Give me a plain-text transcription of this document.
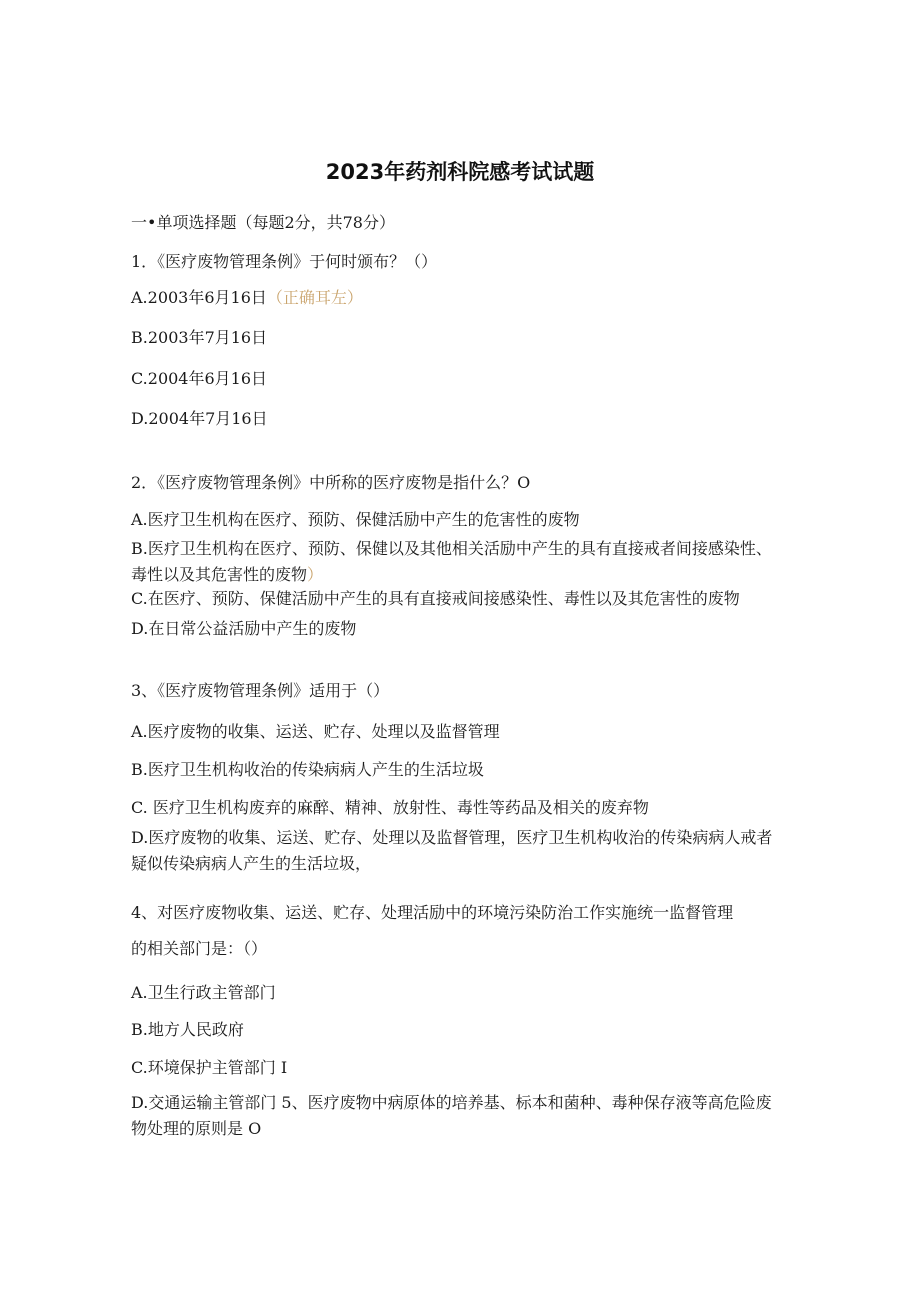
2023年药剂科院感考试试题
一•单项选择题（每题2分，共78分）
1．《医疗废物管理条例》于何时颁布？（）
A.2003年6月16日（正确耳左）
B.2003年7月16日
C.2004年6月16日
D.2004年7月16日
2．《医疗废物管理条例》中所称的医疗废物是指什么？O
A.医疗卫生机构在医疗、预防、保健活励中产生的危害性的废物
B.医疗卫生机构在医疗、预防、保健以及其他相关活励中产生的具有直接戒者间接感染性、毒性以及其危害性的废物）
C.在医疗、预防、保健活励中产生的具有直接戒间接感染性、毒性以及其危害性的废物
D.在日常公益活励中产生的废物
3、《医疗废物管理条例》适用于（）
A.医疗废物的收集、运送、贮存、处理以及监督管理
B.医疗卫生机构收治的传染病病人产生的生活垃圾
C. 医疗卫生机构废弃的麻醉、精神、放射性、毒性等药品及相关的废弃物
D.医疗废物的收集、运送、贮存、处理以及监督管理，医疗卫生机构收治的传染病病人戒者疑似传染病病人产生的生活垃圾，
4、对医疗废物收集、运送、贮存、处理活励中的环境污染防治工作实施统一监督管理
的相关部门是：（）
A.卫生行政主管部门
B.地方人民政府
C.环境保护主管部门 I
D.交通运输主管部门 5、医疗废物中病原体的培养基、标本和菌种、毒种保存液等高危险废物处理的原则是 O
